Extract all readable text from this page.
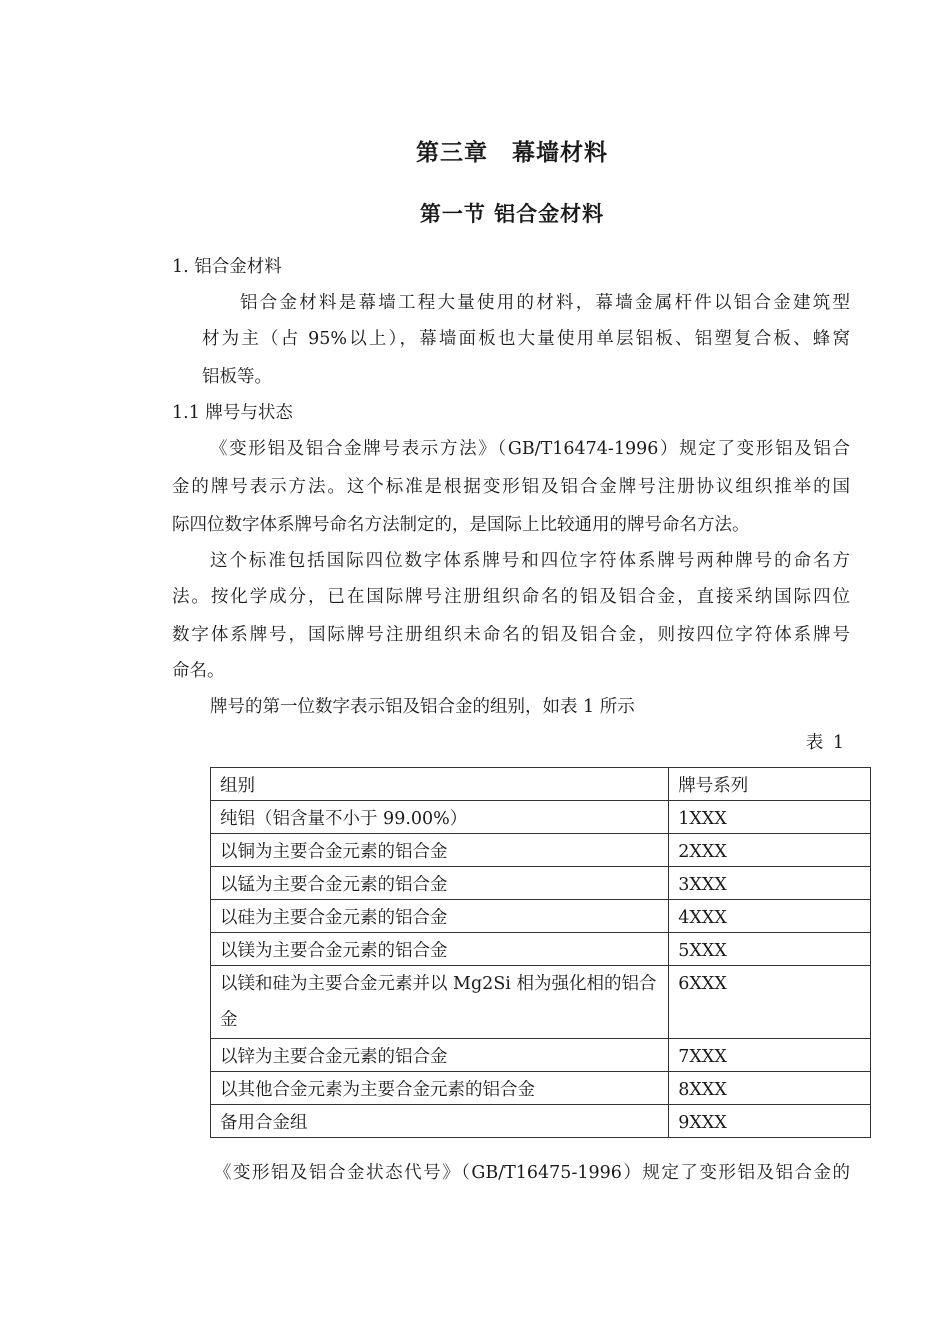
第三章　幕墙材料
第一节 铝合金材料
1. 铝合金材料
铝合金材料是幕墙工程大量使用的材料，幕墙金属杆件以铝合金建筑型
材为主（占 95%以上），幕墙面板也大量使用单层铝板、铝塑复合板、蜂窝
铝板等。
1.1 牌号与状态
《变形铝及铝合金牌号表示方法》（GB/T16474-1996）规定了变形铝及铝合
金的牌号表示方法。这个标准是根据变形铝及铝合金牌号注册协议组织推举的国
际四位数字体系牌号命名方法制定的，是国际上比较通用的牌号命名方法。
这个标准包括国际四位数字体系牌号和四位字符体系牌号两种牌号的命名方
法。按化学成分，已在国际牌号注册组织命名的铝及铝合金，直接采纳国际四位
数字体系牌号，国际牌号注册组织未命名的铝及铝合金，则按四位字符体系牌号
命名。
牌号的第一位数字表示铝及铝合金的组别，如表 1 所示
表 1
组别	牌号系列
纯铝（铝含量不小于 99.00%）	1XXX
以铜为主要合金元素的铝合金	2XXX
以锰为主要合金元素的铝合金	3XXX
以硅为主要合金元素的铝合金	4XXX
以镁为主要合金元素的铝合金	5XXX
以镁和硅为主要合金元素并以 Mg2Si 相为强化相的铝合金	6XXX
以锌为主要合金元素的铝合金	7XXX
以其他合金元素为主要合金元素的铝合金	8XXX
备用合金组	9XXX
《变形铝及铝合金状态代号》（GB/T16475-1996）规定了变形铝及铝合金的
